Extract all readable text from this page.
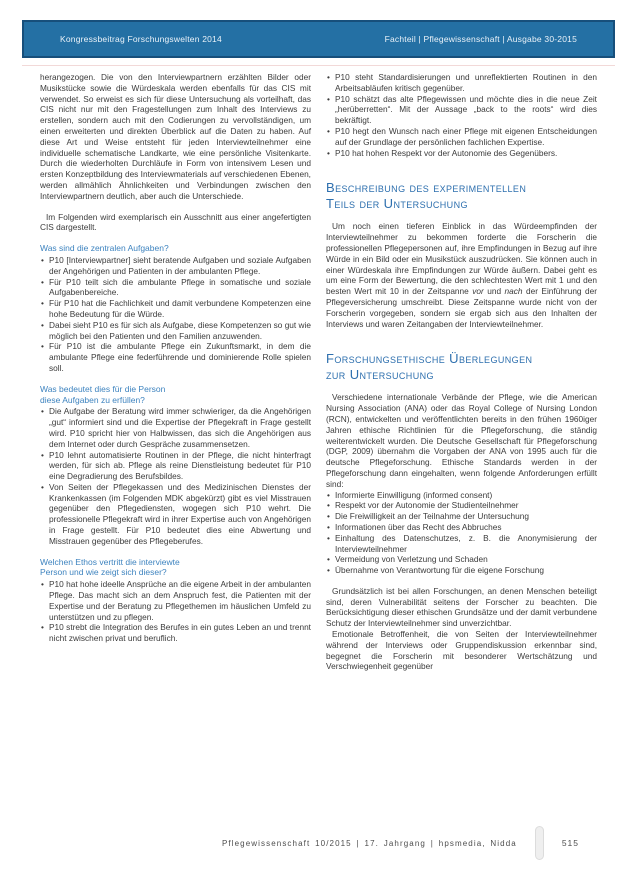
Kongressbeitrag Forschungswelten 2014	Fachteil | Pflegewissenschaft | Ausgabe 30-2015

herangezogen. Die von den Interviewpartnern erzählten Bilder oder Musikstücke sowie die Würdeskala werden ebenfalls für das CIS mit verwendet. So erweist es sich für diese Untersuchung als vorteilhaft, das CIS nicht nur mit den Fragestellungen zum Inhalt des Interviews zu erstellen, sondern auch mit den Codierungen zu vervollständigen, um einen erweiterten und direkten Überblick auf die Daten zu haben. Auf diese Art und Weise entsteht für jeden Interviewteilnehmer eine individuelle schematische Landkarte, wie eine persönliche Visitenkarte. Durch die wiederholten Durchläufe in Form von intensivem Lesen und ersten Konzeptbildung des Interviewmaterials auf verschiedenen Ebenen, werden allmählich Ähnlichkeiten und Verbindungen zwischen den Interviewpartnern deutlich, aber auch die Unterschiede.

Im Folgenden wird exemplarisch ein Ausschnitt aus einer angefertigten CIS dargestellt.

Was sind die zentralen Aufgaben?
• P10 [Interviewpartner] sieht beratende Aufgaben und soziale Aufgaben der Angehörigen und Patienten in der ambulanten Pflege.
• Für P10 teilt sich die ambulante Pflege in somatische und soziale Aufgabenbereiche.
• Für P10 hat die Fachlichkeit und damit verbundene Kompetenzen eine hohe Bedeutung für die Würde.
• Dabei sieht P10 es für sich als Aufgabe, diese Kompetenzen so gut wie möglich bei den Patienten und den Familien anzuwenden.
• Für P10 ist die ambulante Pflege ein Zukunftsmarkt, in dem die ambulante Pflege eine federführende und dominierende Rolle spielen soll.
Was bedeutet dies für die Person
diese Aufgaben zu erfüllen?
• Die Aufgabe der Beratung wird immer schwieriger, da die Angehörigen „gut“ informiert sind und die Expertise der Pflegekraft in Frage gestellt wird. P10 spricht hier von Halbwissen, das sich die Angehörigen aus dem Internet oder durch Gespräche zusammensetzen.
• P10 lehnt automatisierte Routinen in der Pflege, die nicht hinterfragt werden, für sich ab. Pflege als reine Dienstleistung bedeutet für P10 eine Degradierung des Berufsbildes.
• Von Seiten der Pflegekassen und des Medizinischen Dienstes der Krankenkassen (im Folgenden MDK abgekürzt) gibt es viel Misstrauen gegenüber den Pflegediensten, wogegen sich P10 wehrt. Die professionelle Pflegekraft wird in ihrer Expertise auch von Angehörigen in Frage gestellt. Für P10 bedeutet dies eine Abwertung und Misstrauen gegenüber des Pflegeberufes.
Welchen Ethos vertritt die interviewte
Person und wie zeigt sich dieser?
• P10 hat hohe ideelle Ansprüche an die eigene Arbeit in der ambulanten Pflege. Das macht sich an dem Anspruch fest, die Patienten mit der Expertise und der Beratung zu Pflegethemen im häuslichen Umfeld zu unterstützen und zu pflegen.
• P10 strebt die Integration des Berufes in ein gutes Leben an und trennt nicht zwischen privat und beruflich.
• P10 steht Standardisierungen und unreflektierten Routinen in den Arbeitsabläufen kritisch gegenüber.
• P10 schätzt das alte Pflegewissen und möchte dies in die neue Zeit „herüberretten“. Mit der Aussage „back to the roots“ wird dies bekräftigt.
• P10 hegt den Wunsch nach einer Pflege mit eigenen Entscheidungen auf der Grundlage der persönlichen fachlichen Expertise.
• P10 hat hohen Respekt vor der Autonomie des Gegenübers.
Beschreibung des experimentellen
Teils der Untersuchung

Um noch einen tieferen Einblick in das Würdeempfinden der Interviewteilnehmer zu bekommen forderte die Forscherin die professionellen Pflegepersonen auf, ihre Empfindungen in Bezug auf ihre Würde in ein Bild oder ein Musikstück auszudrücken. Sie können auch in einer Würdeskala ihre Empfindungen zur Würde äußern. Dabei geht es um eine Form der Bewertung, die den schlechtesten Wert mit 1 und den besten Wert mit 10 in der Zeitspanne vor und nach der Einführung der Pflegeversicherung umschreibt. Diese Zeitspanne wurde nicht von der Forscherin vorgegeben, sondern sie ergab sich aus den Inhalten der Interviews und waren Zeitangaben der Interviewteilnehmer.

Forschungsethische Überlegungen
zur Untersuchung

Verschiedene internationale Verbände der Pflege, wie die American Nursing Association (ANA) oder das Royal College of Nursing London (RCN), entwickelten und veröffentlichten bereits in den frühen 1960iger Jahren ethische Richtlinien für die Pflegeforschung, die ständig weiterentwickelt wurden. Die Deutsche Gesellschaft für Pflegeforschung (DGP, 2009) übernahm die Vorgaben der ANA von 1995 auch für die deutsche Pflegeforschung. Ethische Standards werden in der Pflegeforschung dann eingehalten, wenn folgende Anforderungen erfüllt sind:

• Informierte Einwilligung (informed consent)
• Respekt vor der Autonomie der Studienteilnehmer
• Die Freiwilligkeit an der Teilnahme der Untersuchung
• Informationen über das Recht des Abbruches
• Einhaltung des Datenschutzes, z. B. die Anonymisierung der Interviewteilnehmer
• Vermeidung von Verletzung und Schaden
• Übernahme von Verantwortung für die eigene Forschung

Grundsätzlich ist bei allen Forschungen, an denen Menschen beteiligt sind, deren Vulnerabilität seitens der Forscher zu beachten. Die Berücksichtigung dieser ethischen Grundsätze und der damit verbundene Schutz der Interviewteilnehmer sind unverzichtbar.

Emotionale Betroffenheit, die von Seiten der Interviewteilnehmer während der Interviews oder Gruppendiskussion erkennbar sind, begegnet die Forscherin mit besonderer Wertschätzung und Verschwiegenheit gegenüber

Pflegewissenschaft 10/2015 | 17. Jahrgang | hpsmedia, Nidda	515
